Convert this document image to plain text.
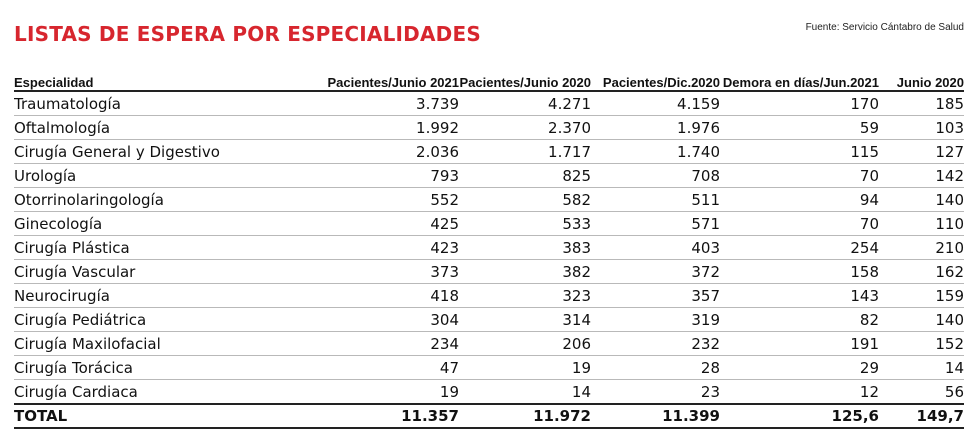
LISTAS DE ESPERA POR ESPECIALIDADES	Fuente: Servicio Cántabro de Salud
Especialidad	Pacientes/Junio 2021	Pacientes/Junio 2020	Pacientes/Dic.2020	Demora en días/Jun.2021	Junio 2020
Traumatología	3.739	4.271	4.159	170	185
Oftalmología	1.992	2.370	1.976	59	103
Cirugía General y Digestivo	2.036	1.717	1.740	115	127
Urología	793	825	708	70	142
Otorrinolaringología	552	582	511	94	140
Ginecología	425	533	571	70	110
Cirugía Plástica	423	383	403	254	210
Cirugía Vascular	373	382	372	158	162
Neurocirugía	418	323	357	143	159
Cirugía Pediátrica	304	314	319	82	140
Cirugía Maxilofacial	234	206	232	191	152
Cirugía Torácica	47	19	28	29	14
Cirugía Cardiaca	19	14	23	12	56
TOTAL	11.357	11.972	11.399	125,6	149,7
